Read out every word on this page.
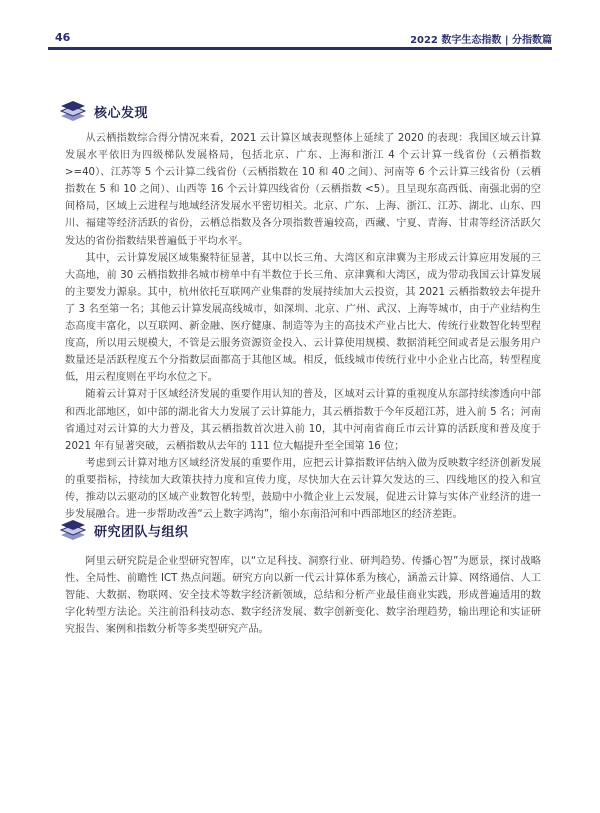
46	2022 数字生态指数 | 分指数篇
核心发现

从云栖指数综合得分情况来看，2021 云计算区域表现整体上延续了 2020 的表现：我国区域云计算发展水平依旧为四级梯队发展格局，包括北京、广东、上海和浙江 4 个云计算一线省份（云栖指数>=40）、江苏等 5 个云计算二线省份（云栖指数在 10 和 40 之间）、河南等 6 个云计算三线省份（云栖指数在 5 和 10 之间）、山西等 16 个云计算四线省份（云栖指数 <5）。且呈现东高西低、南强北弱的空间格局，区域上云进程与地域经济发展水平密切相关。北京、广东、上海、浙江、江苏、湖北、山东、四川、福建等经济活跃的省份，云栖总指数及各分项指数普遍较高，西藏、宁夏、青海、甘肃等经济活跃欠发达的省份指数结果普遍低于平均水平。

其中，云计算发展区域集聚特征显著，其中以长三角、大湾区和京津冀为主形成云计算应用发展的三大高地，前 30 云栖指数排名城市榜单中有半数位于长三角、京津冀和大湾区，成为带动我国云计算发展的主要发力源泉。其中，杭州依托互联网产业集群的发展持续加大云投资，其 2021 云栖指数较去年提升了 3 名至第一名；其他云计算发展高线城市，如深圳、北京、广州、武汉、上海等城市，由于产业结构生态高度丰富化，以互联网、新金融、医疗健康、制造等为主的高技术产业占比大、传统行业数智化转型程度高，所以用云规模大，不管是云服务资源资金投入、云计算使用规模、数据消耗空间或者是云服务用户数量还是活跃程度五个分指数层面都高于其他区域。相反，低线城市传统行业中小企业占比高，转型程度低，用云程度则在平均水位之下。

随着云计算对于区域经济发展的重要作用认知的普及，区域对云计算的重视度从东部持续渗透向中部和西北部地区，如中部的湖北省大力发展了云计算能力，其云栖指数于今年反超江苏，进入前 5 名；河南省通过对云计算的大力普及，其云栖指数首次进入前 10，其中河南省商丘市云计算的活跃度和普及度于 2021 年有显著突破，云栖指数从去年的 111 位大幅提升至全国第 16 位；

考虑到云计算对地方区域经济发展的重要作用，应把云计算指数评估纳入做为反映数字经济创新发展的重要指标，持续加大政策扶持力度和宣传力度，尽快加大在云计算欠发达的三、四线地区的投入和宣传，推动以云驱动的区域产业数智化转型，鼓励中小微企业上云发展，促进云计算与实体产业经济的进一步发展融合。进一步帮助改善“云上数字鸿沟”，缩小东南沿河和中西部地区的经济差距。

研究团队与组织

阿里云研究院是企业型研究智库，以“立足科技、洞察行业、研判趋势、传播心智”为愿景，探讨战略性、全局性、前瞻性 ICT 热点问题。研究方向以新一代云计算体系为核心，涵盖云计算、网络通信、人工智能、大数据、物联网、安全技术等数字经济新领域，总结和分析产业最佳商业实践，形成普遍适用的数字化转型方法论。关注前沿科技动态、数字经济发展、数字创新变化、数字治理趋势，输出理论和实证研究报告、案例和指数分析等多类型研究产品。
